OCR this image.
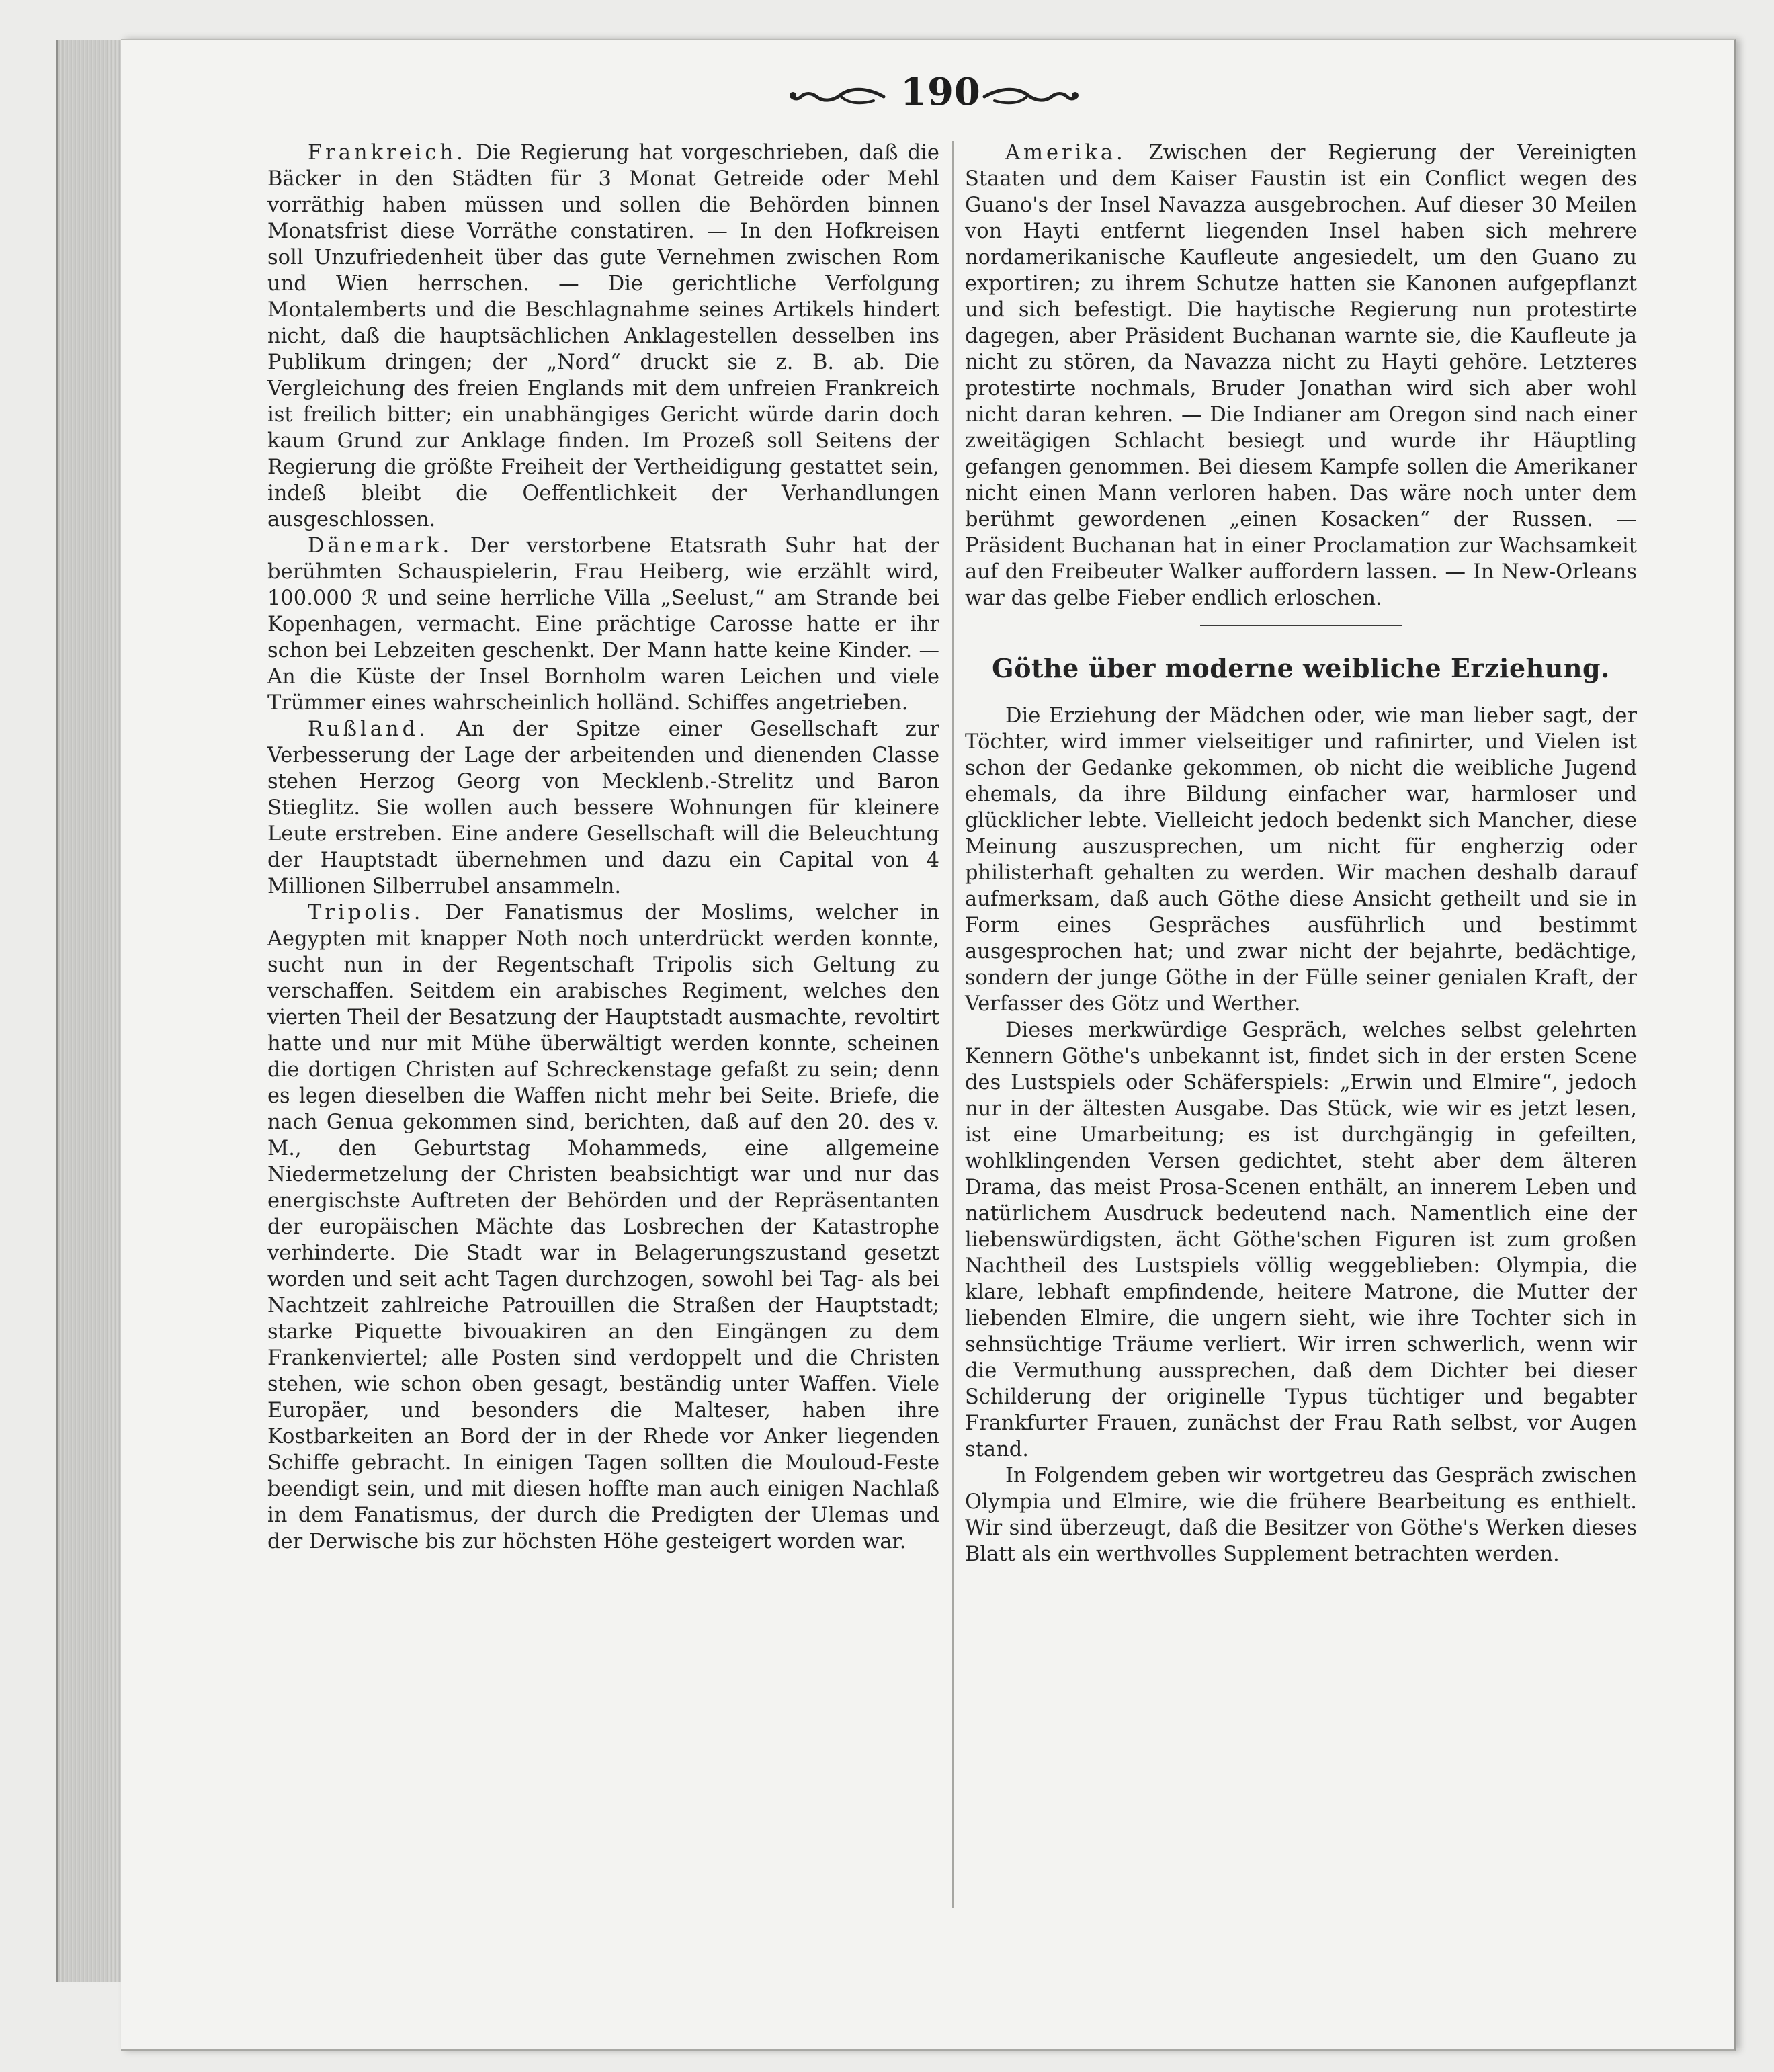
190

Frankreich. Die Regierung hat vorgeschrieben, daß die Bäcker in den Städten für 3 Monat Getreide oder Mehl vorräthig haben müssen und sollen die Behörden binnen Monatsfrist diese Vorräthe constatiren. — In den Hofkreisen soll Unzufriedenheit über das gute Vernehmen zwischen Rom und Wien herrschen. — Die gerichtliche Verfolgung Montalemberts und die Beschlagnahme seines Artikels hindert nicht, daß die hauptsächlichen Anklagestellen desselben ins Publikum dringen; der „Nord“ druckt sie z. B. ab. Die Vergleichung des freien Englands mit dem unfreien Frankreich ist freilich bitter; ein unabhängiges Gericht würde darin doch kaum Grund zur Anklage finden. Im Prozeß soll Seitens der Regierung die größte Freiheit der Vertheidigung gestattet sein, indeß bleibt die Oeffentlichkeit der Verhandlungen ausgeschlossen.

Dänemark. Der verstorbene Etatsrath Suhr hat der berühmten Schauspielerin, Frau Heiberg, wie erzählt wird, 100.000 ℛ und seine herrliche Villa „Seelust,“ am Strande bei Kopenhagen, vermacht. Eine prächtige Carosse hatte er ihr schon bei Lebzeiten geschenkt. Der Mann hatte keine Kinder. — An die Küste der Insel Bornholm waren Leichen und viele Trümmer eines wahrscheinlich holländ. Schiffes angetrieben.

Rußland. An der Spitze einer Gesellschaft zur Verbesserung der Lage der arbeitenden und dienenden Classe stehen Herzog Georg von Mecklenb.-Strelitz und Baron Stieglitz. Sie wollen auch bessere Wohnungen für kleinere Leute erstreben. Eine andere Gesellschaft will die Beleuchtung der Hauptstadt übernehmen und dazu ein Capital von 4 Millionen Silberrubel ansammeln.

Tripolis. Der Fanatismus der Moslims, welcher in Aegypten mit knapper Noth noch unterdrückt werden konnte, sucht nun in der Regentschaft Tripolis sich Geltung zu verschaffen. Seitdem ein arabisches Regiment, welches den vierten Theil der Besatzung der Hauptstadt ausmachte, revoltirt hatte und nur mit Mühe überwältigt werden konnte, scheinen die dortigen Christen auf Schreckenstage gefaßt zu sein; denn es legen dieselben die Waffen nicht mehr bei Seite. Briefe, die nach Genua gekommen sind, berichten, daß auf den 20. des v. M., den Geburtstag Mohammeds, eine allgemeine Niedermetzelung der Christen beabsichtigt war und nur das energischste Auftreten der Behörden und der Repräsentanten der europäischen Mächte das Losbrechen der Katastrophe verhinderte. Die Stadt war in Belagerungszustand gesetzt worden und seit acht Tagen durchzogen, sowohl bei Tag- als bei Nachtzeit zahlreiche Patrouillen die Straßen der Hauptstadt; starke Piquette bivouakiren an den Eingängen zu dem Frankenviertel; alle Posten sind verdoppelt und die Christen stehen, wie schon oben gesagt, beständig unter Waffen. Viele Europäer, und besonders die Malteser, haben ihre Kostbarkeiten an Bord der in der Rhede vor Anker liegenden Schiffe gebracht. In einigen Tagen sollten die Mouloud-Feste beendigt sein, und mit diesen hoffte man auch einigen Nachlaß in dem Fanatismus, der durch die Predigten der Ulemas und der Derwische bis zur höchsten Höhe gesteigert worden war.

Amerika. Zwischen der Regierung der Vereinigten Staaten und dem Kaiser Faustin ist ein Conflict wegen des Guano's der Insel Navazza ausgebrochen. Auf dieser 30 Meilen von Hayti entfernt liegenden Insel haben sich mehrere nordamerikanische Kaufleute angesiedelt, um den Guano zu exportiren; zu ihrem Schutze hatten sie Kanonen aufgepflanzt und sich befestigt. Die haytische Regierung nun protestirte dagegen, aber Präsident Buchanan warnte sie, die Kaufleute ja nicht zu stören, da Navazza nicht zu Hayti gehöre. Letzteres protestirte nochmals, Bruder Jonathan wird sich aber wohl nicht daran kehren. — Die Indianer am Oregon sind nach einer zweitägigen Schlacht besiegt und wurde ihr Häuptling gefangen genommen. Bei diesem Kampfe sollen die Amerikaner nicht einen Mann verloren haben. Das wäre noch unter dem berühmt gewordenen „einen Kosacken“ der Russen. — Präsident Buchanan hat in einer Proclamation zur Wachsamkeit auf den Freibeuter Walker auffordern lassen. — In New-Orleans war das gelbe Fieber endlich erloschen.

Göthe über moderne weibliche Erziehung.

Die Erziehung der Mädchen oder, wie man lieber sagt, der Töchter, wird immer vielseitiger und rafinirter, und Vielen ist schon der Gedanke gekommen, ob nicht die weibliche Jugend ehemals, da ihre Bildung einfacher war, harmloser und glücklicher lebte. Vielleicht jedoch bedenkt sich Mancher, diese Meinung auszusprechen, um nicht für engherzig oder philisterhaft gehalten zu werden. Wir machen deshalb darauf aufmerksam, daß auch Göthe diese Ansicht getheilt und sie in Form eines Gespräches ausführlich und bestimmt ausgesprochen hat; und zwar nicht der bejahrte, bedächtige, sondern der junge Göthe in der Fülle seiner genialen Kraft, der Verfasser des Götz und Werther.

Dieses merkwürdige Gespräch, welches selbst gelehrten Kennern Göthe's unbekannt ist, findet sich in der ersten Scene des Lustspiels oder Schäferspiels: „Erwin und Elmire“, jedoch nur in der ältesten Ausgabe. Das Stück, wie wir es jetzt lesen, ist eine Umarbeitung; es ist durchgängig in gefeilten, wohlklingenden Versen gedichtet, steht aber dem älteren Drama, das meist Prosa-Scenen enthält, an innerem Leben und natürlichem Ausdruck bedeutend nach. Namentlich eine der liebenswürdigsten, ächt Göthe'schen Figuren ist zum großen Nachtheil des Lustspiels völlig weggeblieben: Olympia, die klare, lebhaft empfindende, heitere Matrone, die Mutter der liebenden Elmire, die ungern sieht, wie ihre Tochter sich in sehnsüchtige Träume verliert. Wir irren schwerlich, wenn wir die Vermuthung aussprechen, daß dem Dichter bei dieser Schilderung der originelle Typus tüchtiger und begabter Frankfurter Frauen, zunächst der Frau Rath selbst, vor Augen stand.

In Folgendem geben wir wortgetreu das Gespräch zwischen Olympia und Elmire, wie die frühere Bearbeitung es enthielt. Wir sind überzeugt, daß die Besitzer von Göthe's Werken dieses Blatt als ein werthvolles Supplement betrachten werden.
